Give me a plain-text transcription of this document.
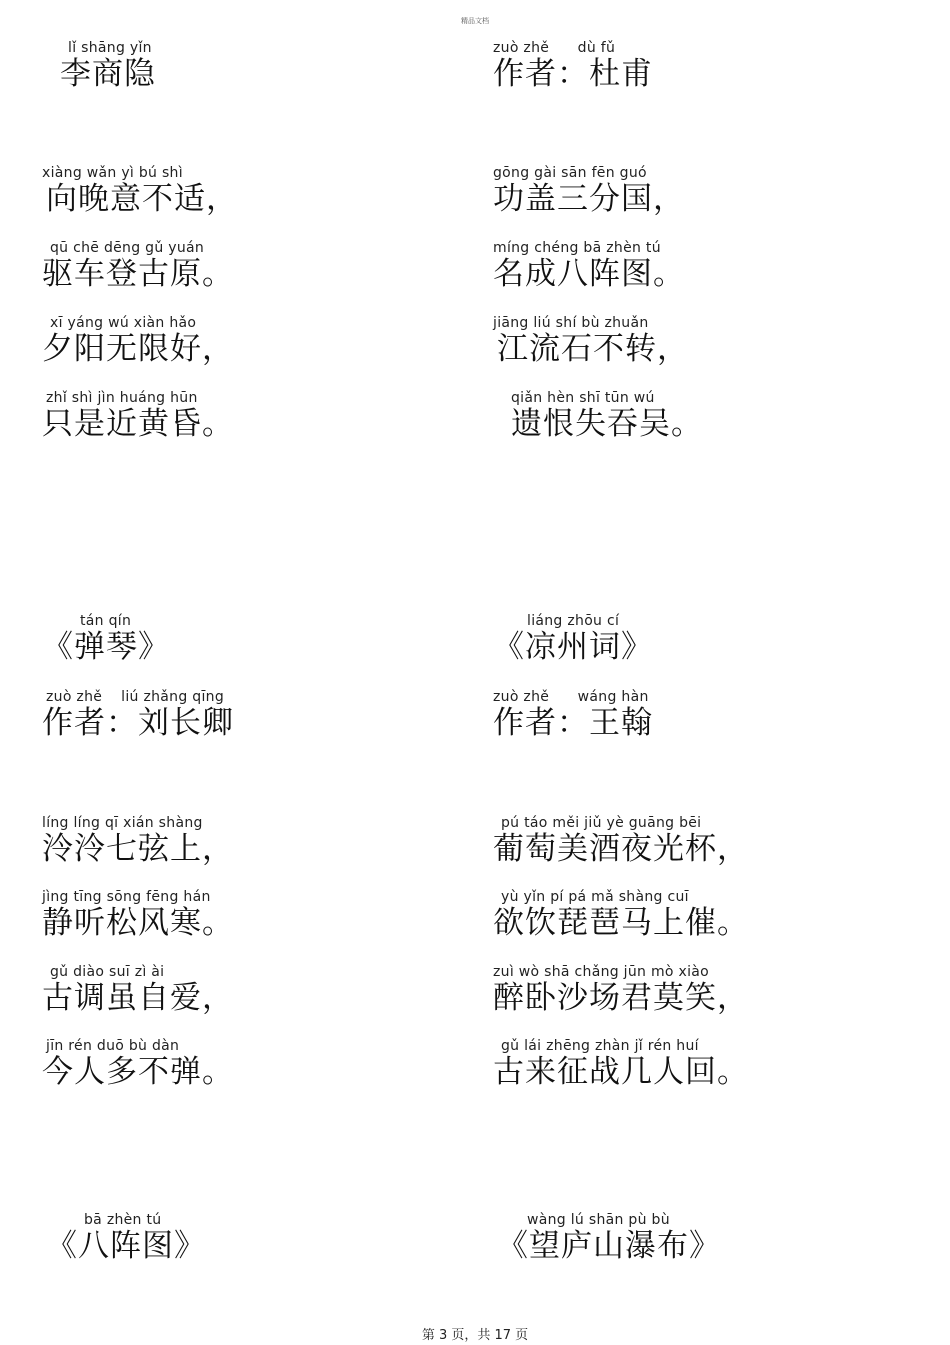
精品文档
lǐ shāng yǐn
李商隐
xiàng wǎn yì bú shì
向晚意不适，
qū chē dēng gǔ yuán
驱车登古原。
xī yáng wú xiàn hǎo
夕阳无限好，
zhǐ shì jìn huáng hūn
只是近黄昏。
tán qín
《弹琴》
zuò zhě    liú zhǎng qīng
作者：刘长卿
líng líng qī xián shàng
泠泠七弦上，
jìng tīng sōng fēng hán
静听松风寒。
gǔ diào suī zì ài
古调虽自爱，
jīn rén duō bù dàn
今人多不弹。
bā zhèn tú
《八阵图》
zuò zhě      dù fǔ
作者：杜甫
gōng gài sān fēn guó
功盖三分国，
míng chéng bā zhèn tú
名成八阵图。
jiāng liú shí bù zhuǎn
江流石不转，
qiǎn hèn shī tūn wú
遗恨失吞吴。
liáng zhōu cí
《凉州词》
zuò zhě      wáng hàn
作者：王翰
pú táo měi jiǔ yè guāng bēi
葡萄美酒夜光杯，
yù yǐn pí pá mǎ shàng cuī
欲饮琵琶马上催。
zuì wò shā chǎng jūn mò xiào
醉卧沙场君莫笑，
gǔ lái zhēng zhàn jǐ rén huí
古来征战几人回。
wàng lú shān pù bù
《望庐山瀑布》
第 3 页，共 17 页
